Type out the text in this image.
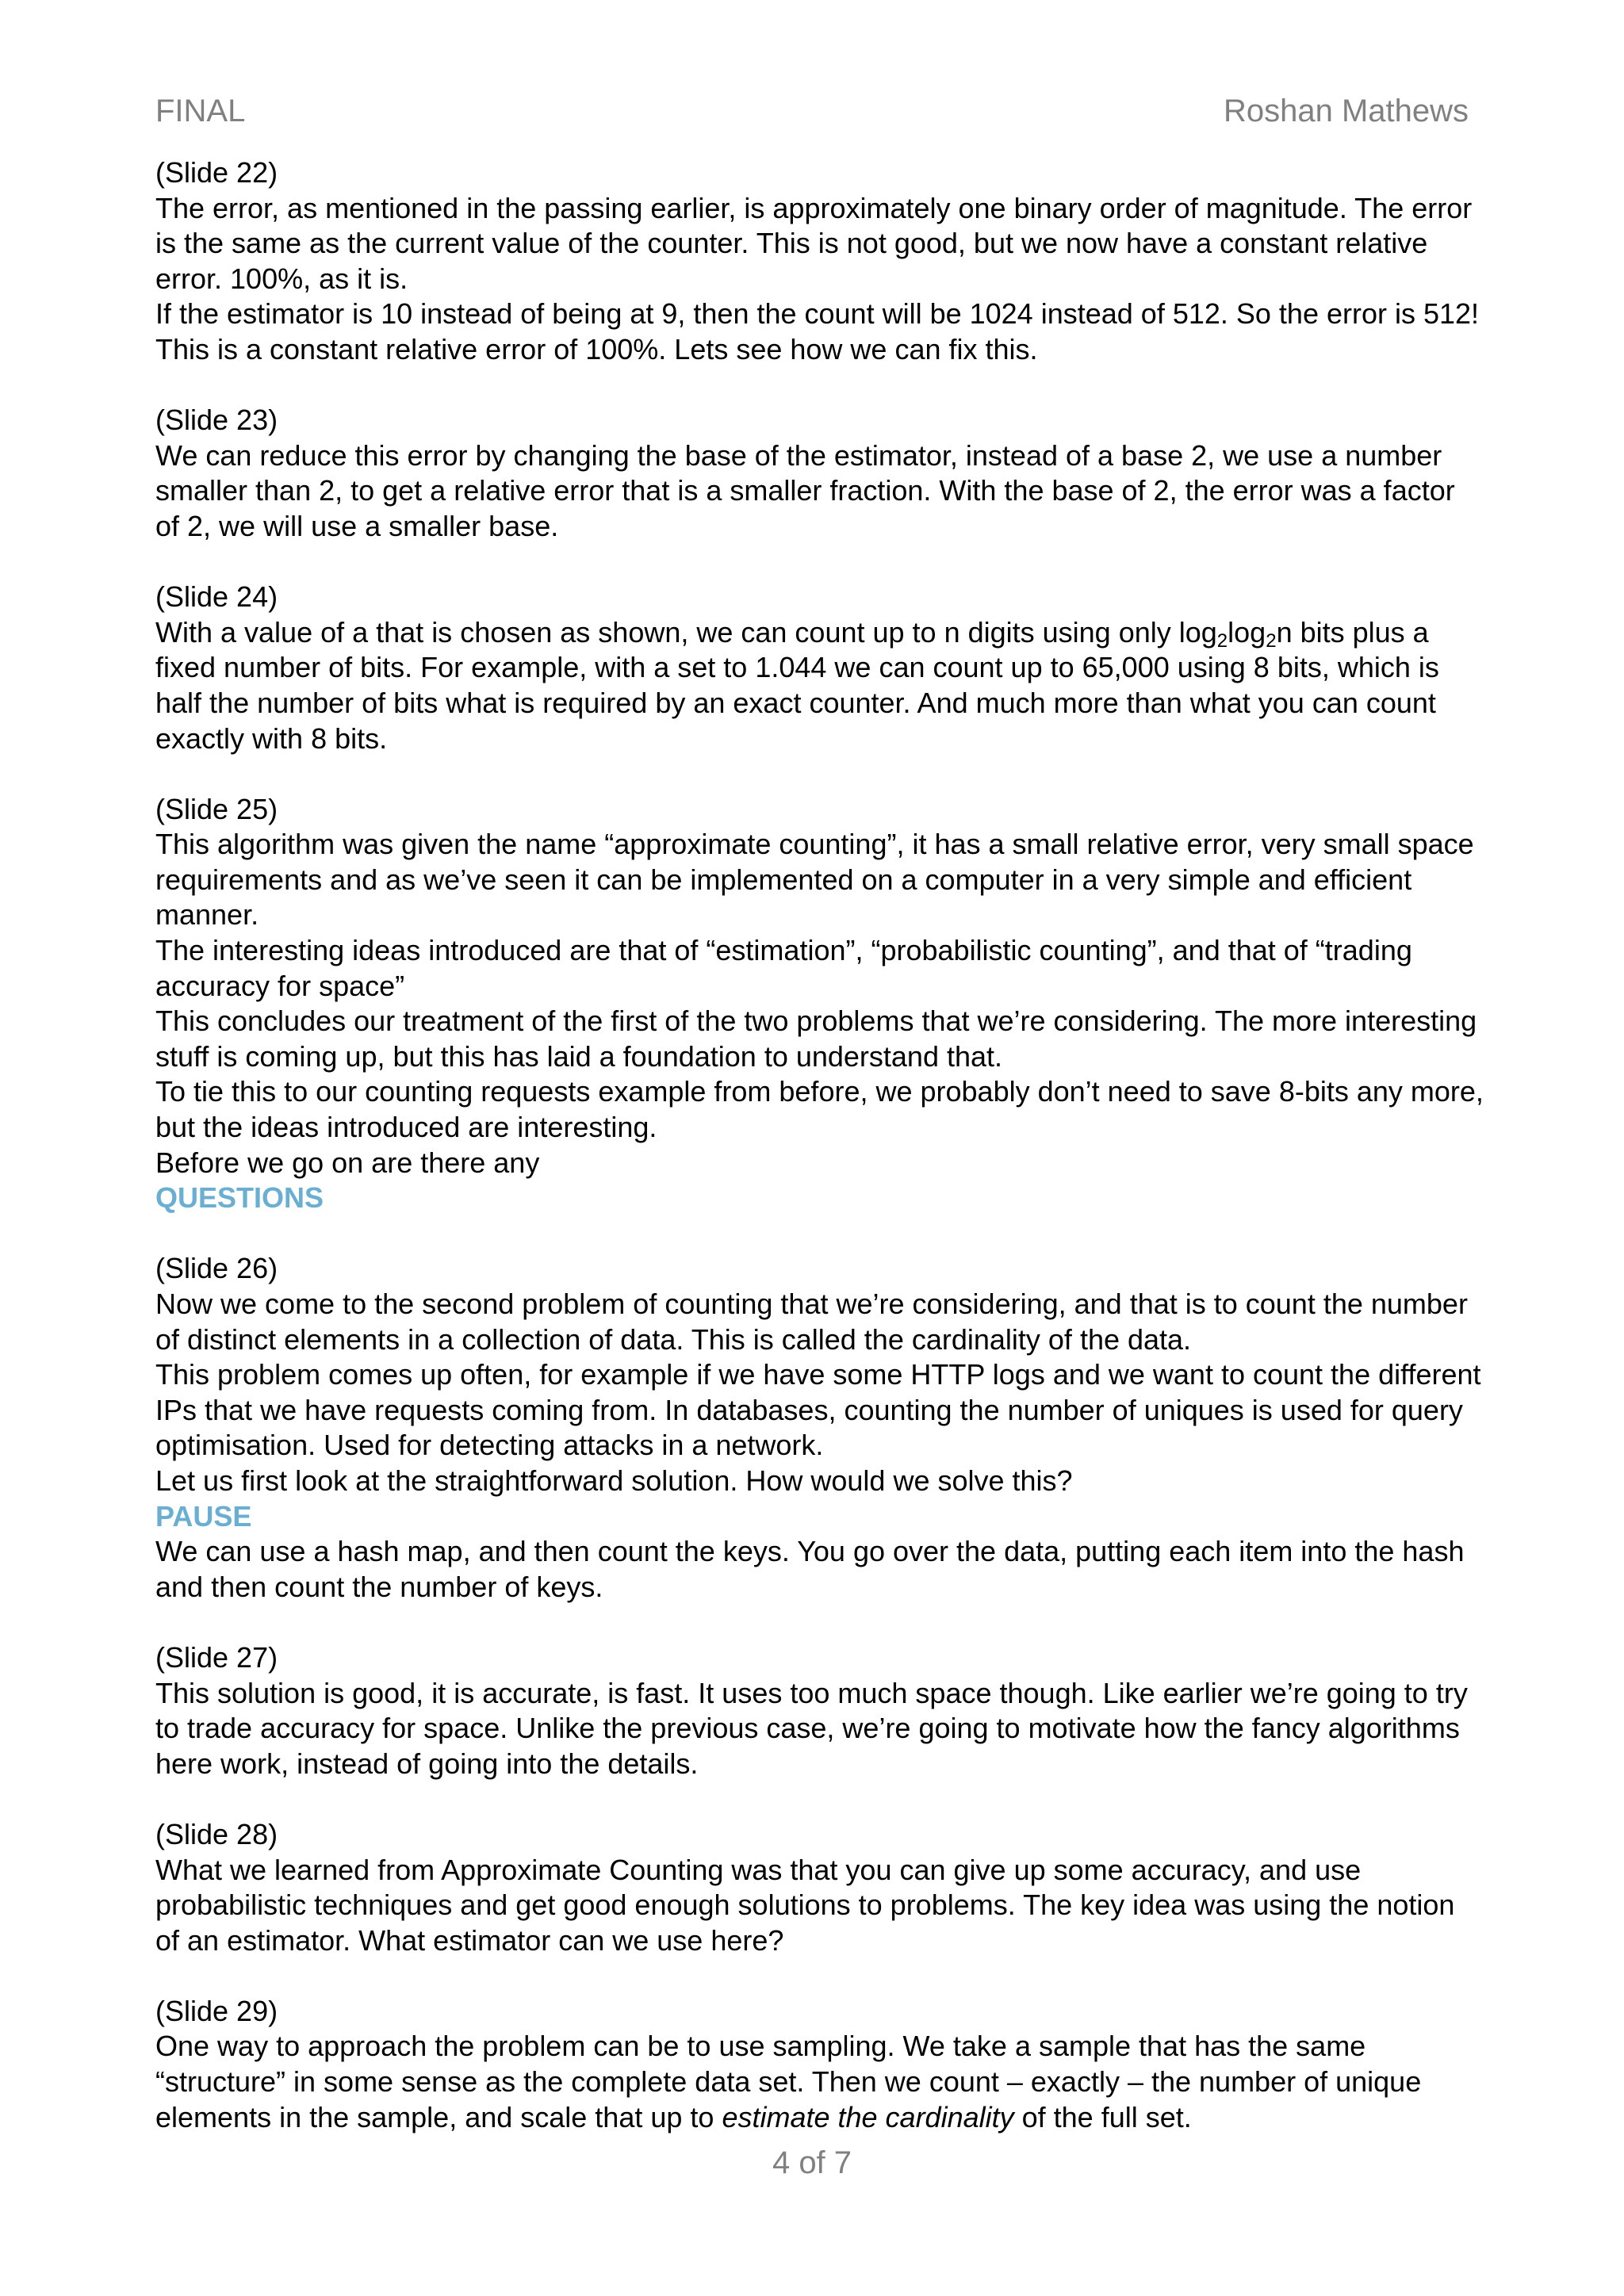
FINAL	Roshan Mathews
(Slide 22)
The error, as mentioned in the passing earlier, is approximately one binary order of magnitude. The error is the same as the current value of the counter. This is not good, but we now have a constant relative error. 100%, as it is.
If the estimator is 10 instead of being at 9, then the count will be 1024 instead of 512. So the error is 512! This is a constant relative error of 100%. Lets see how we can fix this.
(Slide 23)
We can reduce this error by changing the base of the estimator, instead of a base 2, we use a number smaller than 2, to get a relative error that is a smaller fraction. With the base of 2, the error was a factor of 2, we will use a smaller base.
(Slide 24)
With a value of a that is chosen as shown, we can count up to n digits using only $\log_2\log_2n$ bits plus a fixed number of bits. For example, with a set to 1.044 we can count up to 65,000 using 8 bits, which is half the number of bits what is required by an exact counter. And much more than what you can count exactly with 8 bits.
(Slide 25)
This algorithm was given the name “approximate counting”, it has a small relative error, very small space requirements and as we’ve seen it can be implemented on a computer in a very simple and efficient manner.
The interesting ideas introduced are that of “estimation”, “probabilistic counting”, and that of “trading accuracy for space”
This concludes our treatment of the first of the two problems that we’re considering. The more interesting stuff is coming up, but this has laid a foundation to understand that.
To tie this to our counting requests example from before, we probably don’t need to save 8-bits any more, but the ideas introduced are interesting.
Before we go on are there any
QUESTIONS
(Slide 26)
Now we come to the second problem of counting that we’re considering, and that is to count the number of distinct elements in a collection of data. This is called the cardinality of the data.
This problem comes up often, for example if we have some HTTP logs and we want to count the different IPs that we have requests coming from. In databases, counting the number of uniques is used for query optimisation. Used for detecting attacks in a network.
Let us first look at the straightforward solution. How would we solve this?
PAUSE
We can use a hash map, and then count the keys. You go over the data, putting each item into the hash and then count the number of keys.
(Slide 27)
This solution is good, it is accurate, is fast. It uses too much space though. Like earlier we’re going to try to trade accuracy for space. Unlike the previous case, we’re going to motivate how the fancy algorithms here work, instead of going into the details.
(Slide 28)
What we learned from Approximate Counting was that you can give up some accuracy, and use probabilistic techniques and get good enough solutions to problems. The key idea was using the notion of an estimator. What estimator can we use here?
(Slide 29)
One way to approach the problem can be to use sampling. We take a sample that has the same “structure” in some sense as the complete data set. Then we count – exactly – the number of unique elements in the sample, and scale that up to estimate the cardinality of the full set.
4 of 7
